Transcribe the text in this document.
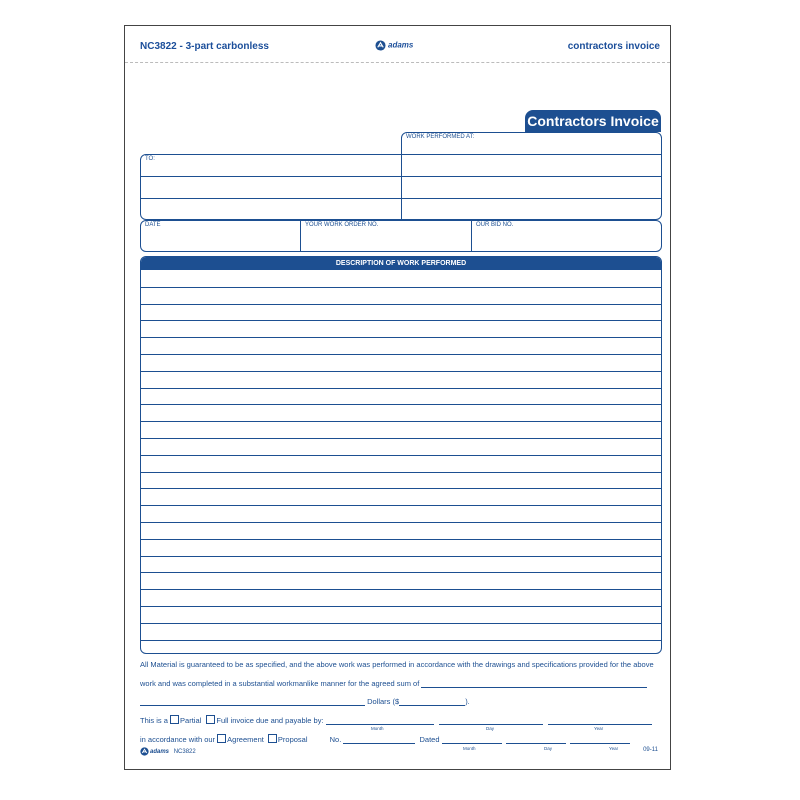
NC3822 - 3-part carbonless	adams	contractors invoice
Contractors Invoice
TO:
WORK PERFORMED AT:
DATE	YOUR WORK ORDER NO.	OUR BID NO.
DESCRIPTION OF WORK PERFORMED
All Material is guaranteed to be as specified, and the above work was performed in accordance with the drawings and specifications provided for the above
work and was completed in a substantial workmanlike manner for the agreed sum of
Dollars ($	).
This is a Partial Full invoice due and payable by:
Month	Day	Year
in accordance with our Agreement Proposal	No.	Dated
Month	Day	Year
adams NC3822	09-11
